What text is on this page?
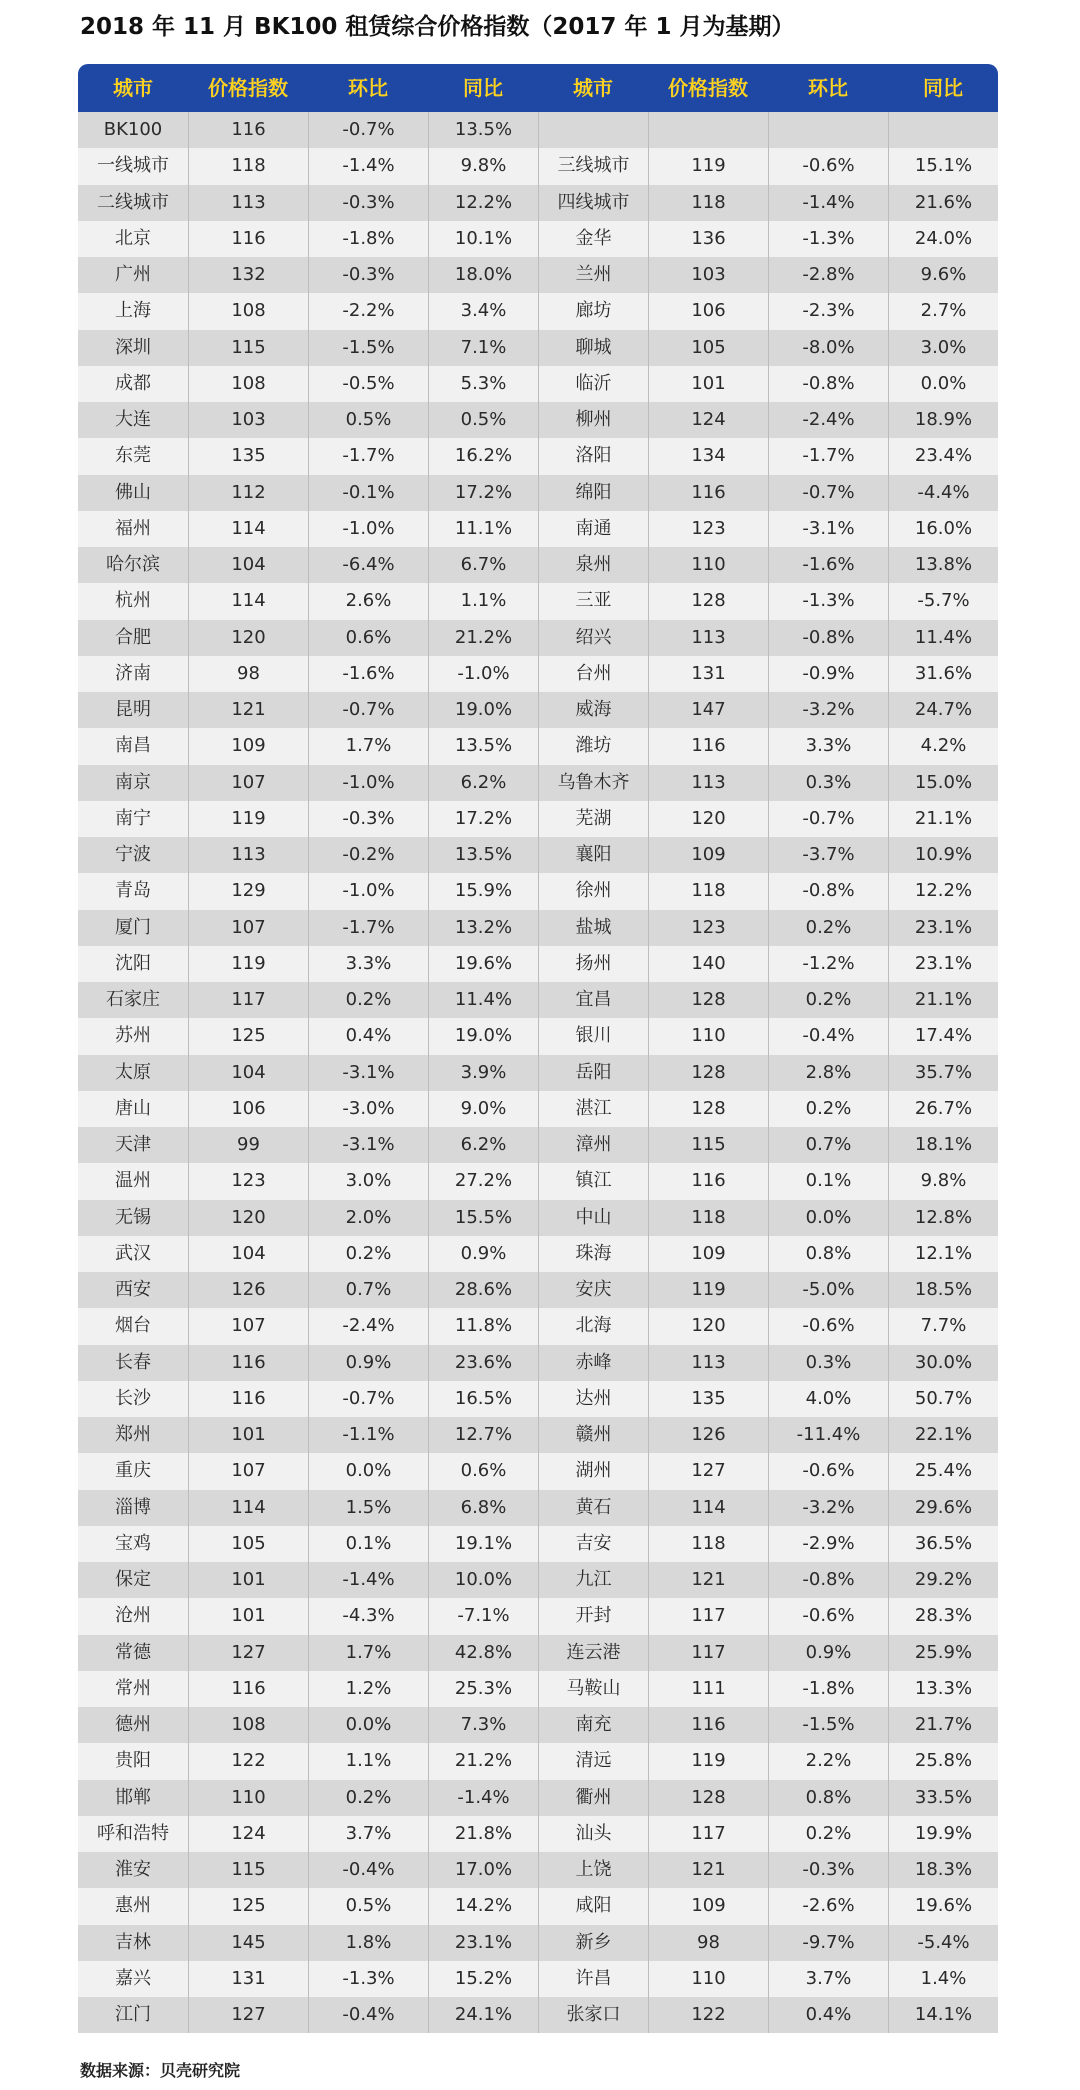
2018 年 11 月 BK100 租赁综合价格指数（2017 年 1 月为基期）
城市	价格指数	环比	同比	城市	价格指数	环比	同比
BK100	116	-0.7%	13.5%
一线城市	118	-1.4%	9.8%	三线城市	119	-0.6%	15.1%
二线城市	113	-0.3%	12.2%	四线城市	118	-1.4%	21.6%
北京	116	-1.8%	10.1%	金华	136	-1.3%	24.0%
广州	132	-0.3%	18.0%	兰州	103	-2.8%	9.6%
上海	108	-2.2%	3.4%	廊坊	106	-2.3%	2.7%
深圳	115	-1.5%	7.1%	聊城	105	-8.0%	3.0%
成都	108	-0.5%	5.3%	临沂	101	-0.8%	0.0%
大连	103	0.5%	0.5%	柳州	124	-2.4%	18.9%
东莞	135	-1.7%	16.2%	洛阳	134	-1.7%	23.4%
佛山	112	-0.1%	17.2%	绵阳	116	-0.7%	-4.4%
福州	114	-1.0%	11.1%	南通	123	-3.1%	16.0%
哈尔滨	104	-6.4%	6.7%	泉州	110	-1.6%	13.8%
杭州	114	2.6%	1.1%	三亚	128	-1.3%	-5.7%
合肥	120	0.6%	21.2%	绍兴	113	-0.8%	11.4%
济南	98	-1.6%	-1.0%	台州	131	-0.9%	31.6%
昆明	121	-0.7%	19.0%	威海	147	-3.2%	24.7%
南昌	109	1.7%	13.5%	潍坊	116	3.3%	4.2%
南京	107	-1.0%	6.2%	乌鲁木齐	113	0.3%	15.0%
南宁	119	-0.3%	17.2%	芜湖	120	-0.7%	21.1%
宁波	113	-0.2%	13.5%	襄阳	109	-3.7%	10.9%
青岛	129	-1.0%	15.9%	徐州	118	-0.8%	12.2%
厦门	107	-1.7%	13.2%	盐城	123	0.2%	23.1%
沈阳	119	3.3%	19.6%	扬州	140	-1.2%	23.1%
石家庄	117	0.2%	11.4%	宜昌	128	0.2%	21.1%
苏州	125	0.4%	19.0%	银川	110	-0.4%	17.4%
太原	104	-3.1%	3.9%	岳阳	128	2.8%	35.7%
唐山	106	-3.0%	9.0%	湛江	128	0.2%	26.7%
天津	99	-3.1%	6.2%	漳州	115	0.7%	18.1%
温州	123	3.0%	27.2%	镇江	116	0.1%	9.8%
无锡	120	2.0%	15.5%	中山	118	0.0%	12.8%
武汉	104	0.2%	0.9%	珠海	109	0.8%	12.1%
西安	126	0.7%	28.6%	安庆	119	-5.0%	18.5%
烟台	107	-2.4%	11.8%	北海	120	-0.6%	7.7%
长春	116	0.9%	23.6%	赤峰	113	0.3%	30.0%
长沙	116	-0.7%	16.5%	达州	135	4.0%	50.7%
郑州	101	-1.1%	12.7%	赣州	126	-11.4%	22.1%
重庆	107	0.0%	0.6%	湖州	127	-0.6%	25.4%
淄博	114	1.5%	6.8%	黄石	114	-3.2%	29.6%
宝鸡	105	0.1%	19.1%	吉安	118	-2.9%	36.5%
保定	101	-1.4%	10.0%	九江	121	-0.8%	29.2%
沧州	101	-4.3%	-7.1%	开封	117	-0.6%	28.3%
常德	127	1.7%	42.8%	连云港	117	0.9%	25.9%
常州	116	1.2%	25.3%	马鞍山	111	-1.8%	13.3%
德州	108	0.0%	7.3%	南充	116	-1.5%	21.7%
贵阳	122	1.1%	21.2%	清远	119	2.2%	25.8%
邯郸	110	0.2%	-1.4%	衢州	128	0.8%	33.5%
呼和浩特	124	3.7%	21.8%	汕头	117	0.2%	19.9%
淮安	115	-0.4%	17.0%	上饶	121	-0.3%	18.3%
惠州	125	0.5%	14.2%	咸阳	109	-2.6%	19.6%
吉林	145	1.8%	23.1%	新乡	98	-9.7%	-5.4%
嘉兴	131	-1.3%	15.2%	许昌	110	3.7%	1.4%
江门	127	-0.4%	24.1%	张家口	122	0.4%	14.1%
数据来源：贝壳研究院
